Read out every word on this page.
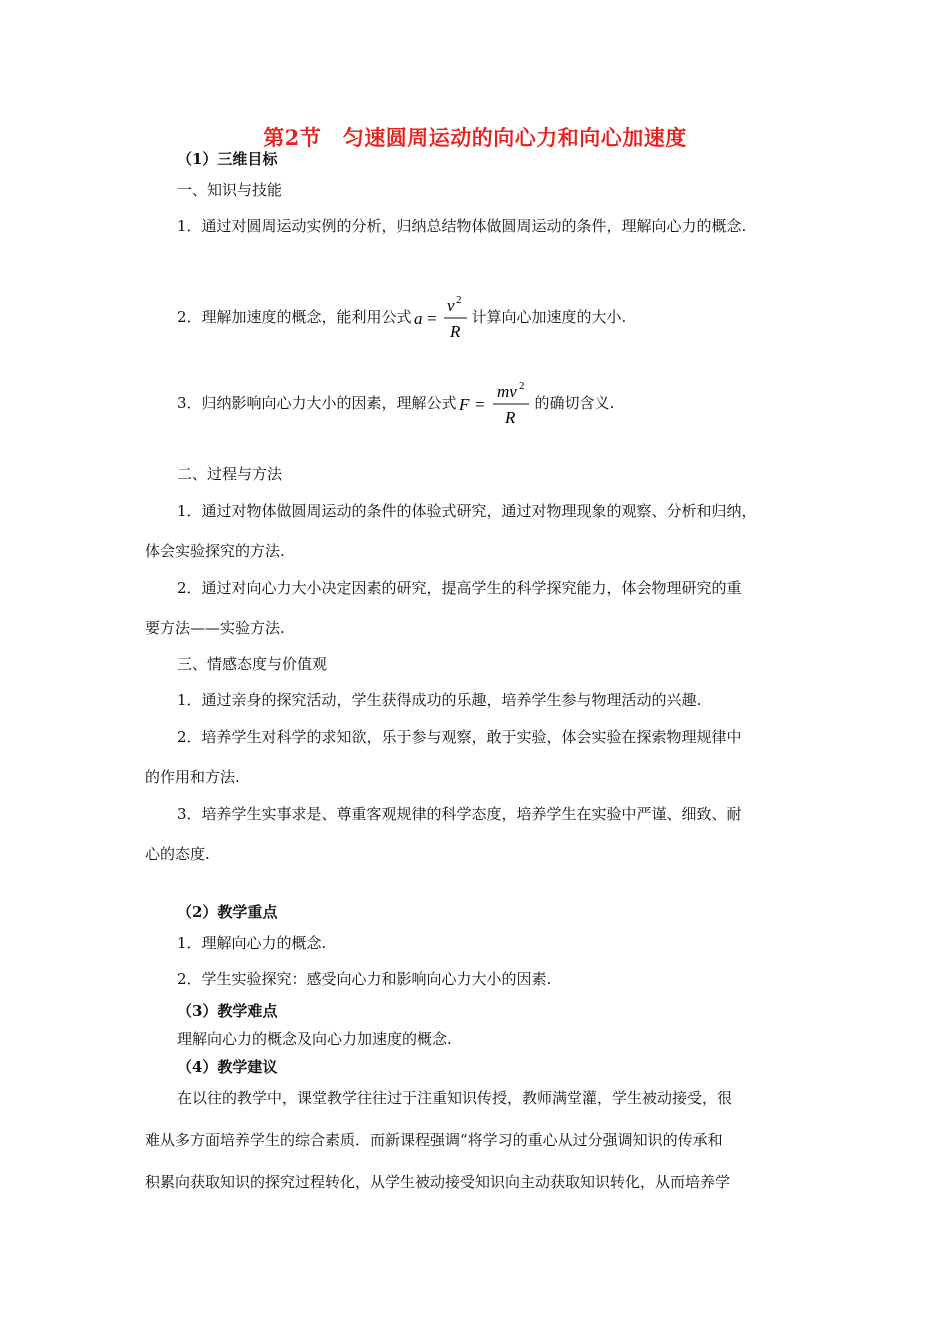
第2节　匀速圆周运动的向心力和向心加速度
（1）三维目标
一、知识与技能
1．通过对圆周运动实例的分析，归纳总结物体做圆周运动的条件，理解向心力的概念.
2．理解加速度的概念，能利用公式 a =
v 2
R
计算向心加速度的大小.
3．归纳影响向心力大小的因素，理解公式 F =
mv 2
R
的确切含义.
二、过程与方法
1．通过对物体做圆周运动的条件的体验式研究，通过对物理现象的观察、分析和归纳，
体会实验探究的方法.
2．通过对向心力大小决定因素的研究，提高学生的科学探究能力，体会物理研究的重
要方法——实验方法.
三、情感态度与价值观
1．通过亲身的探究活动，学生获得成功的乐趣，培养学生参与物理活动的兴趣.
2．培养学生对科学的求知欲，乐于参与观察，敢于实验，体会实验在探索物理规律中
的作用和方法.
3．培养学生实事求是、尊重客观规律的科学态度，培养学生在实验中严谨、细致、耐
心的态度.
（2）教学重点
1．理解向心力的概念.
2．学生实验探究：感受向心力和影响向心力大小的因素.
（3）教学难点
理解向心力的概念及向心力加速度的概念.
（4）教学建议
在以往的教学中，课堂教学往往过于注重知识传授，教师满堂灌，学生被动接受，很
难从多方面培养学生的综合素质．而新课程强调“将学习的重心从过分强调知识的传承和
积累向获取知识的探究过程转化，从学生被动接受知识向主动获取知识转化，从而培养学
